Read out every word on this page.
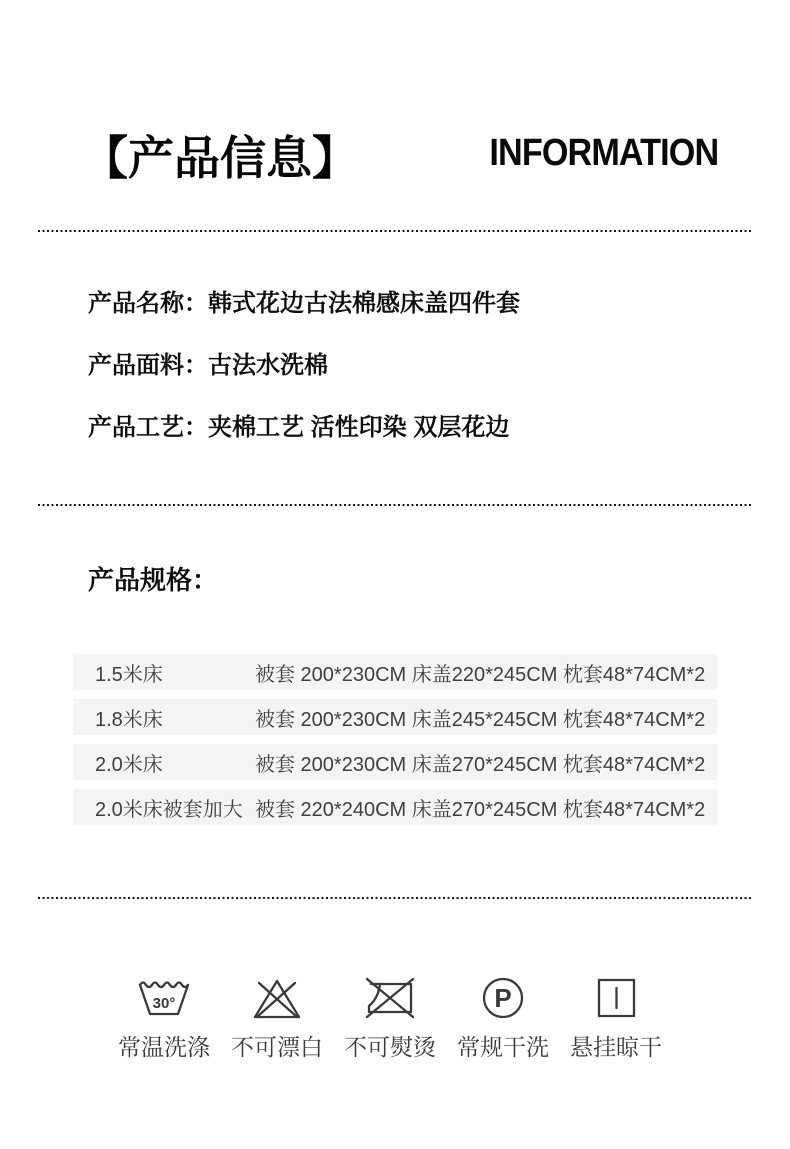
【产品信息】	INFORMATION
产品名称：韩式花边古法棉感床盖四件套
产品面料：古法水洗棉
产品工艺：夹棉工艺 活性印染 双层花边
产品规格：
1.5米床	被套 200*230CM 床盖220*245CM 枕套48*74CM*2
1.8米床	被套 200*230CM 床盖245*245CM 枕套48*74CM*2
2.0米床	被套 200*230CM 床盖270*245CM 枕套48*74CM*2
2.0米床被套加大 被套 220*240CM 床盖270*245CM 枕套48*74CM*2
30°
常温洗涤 不可漂白 不可熨烫
P
常规干洗 悬挂晾干
